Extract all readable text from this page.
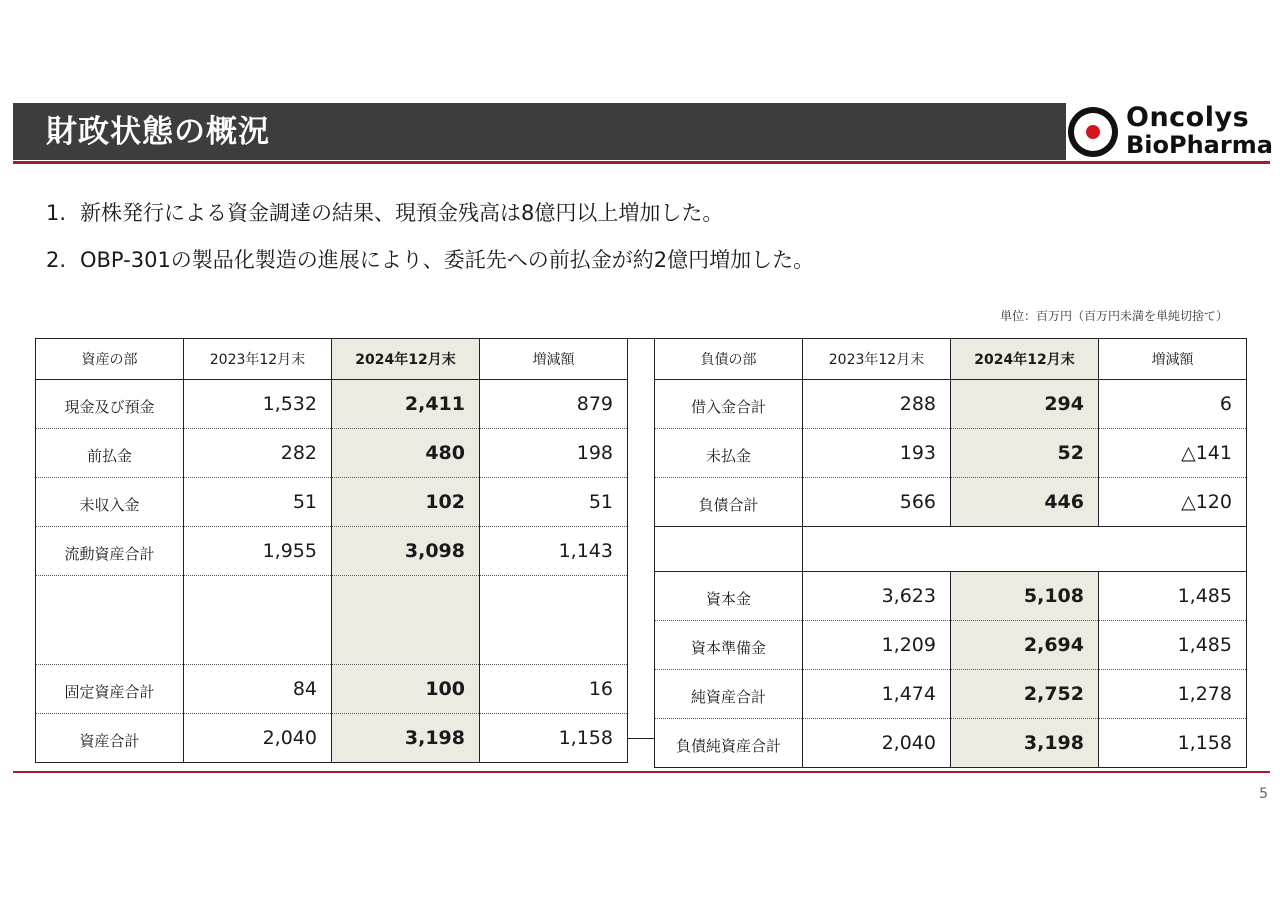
財政状態の概況	Oncolys
BioPharma
1. 新株発行による資金調達の結果、現預金残高は8億円以上増加した。
2. OBP-301の製品化製造の進展により、委託先への前払金が約2億円増加した。
単位：百万円（百万円未満を単純切捨て）
資産の部	2023年12月末	2024年12月末	増減額
現金及び預金	1,532	2,411	879
前払金	282	480	198
未収入金	51	102	51
流動資産合計	1,955	3,098	1,143

固定資産合計	84	100	16
資産合計	2,040	3,198	1,158
負債の部	2023年12月末	2024年12月末	増減額
借入金合計	288	294	6
未払金	193	52	△141
負債合計	566	446	△120

資本金	3,623	5,108	1,485
資本準備金	1,209	2,694	1,485
純資産合計	1,474	2,752	1,278
負債純資産合計	2,040	3,198	1,158
5
